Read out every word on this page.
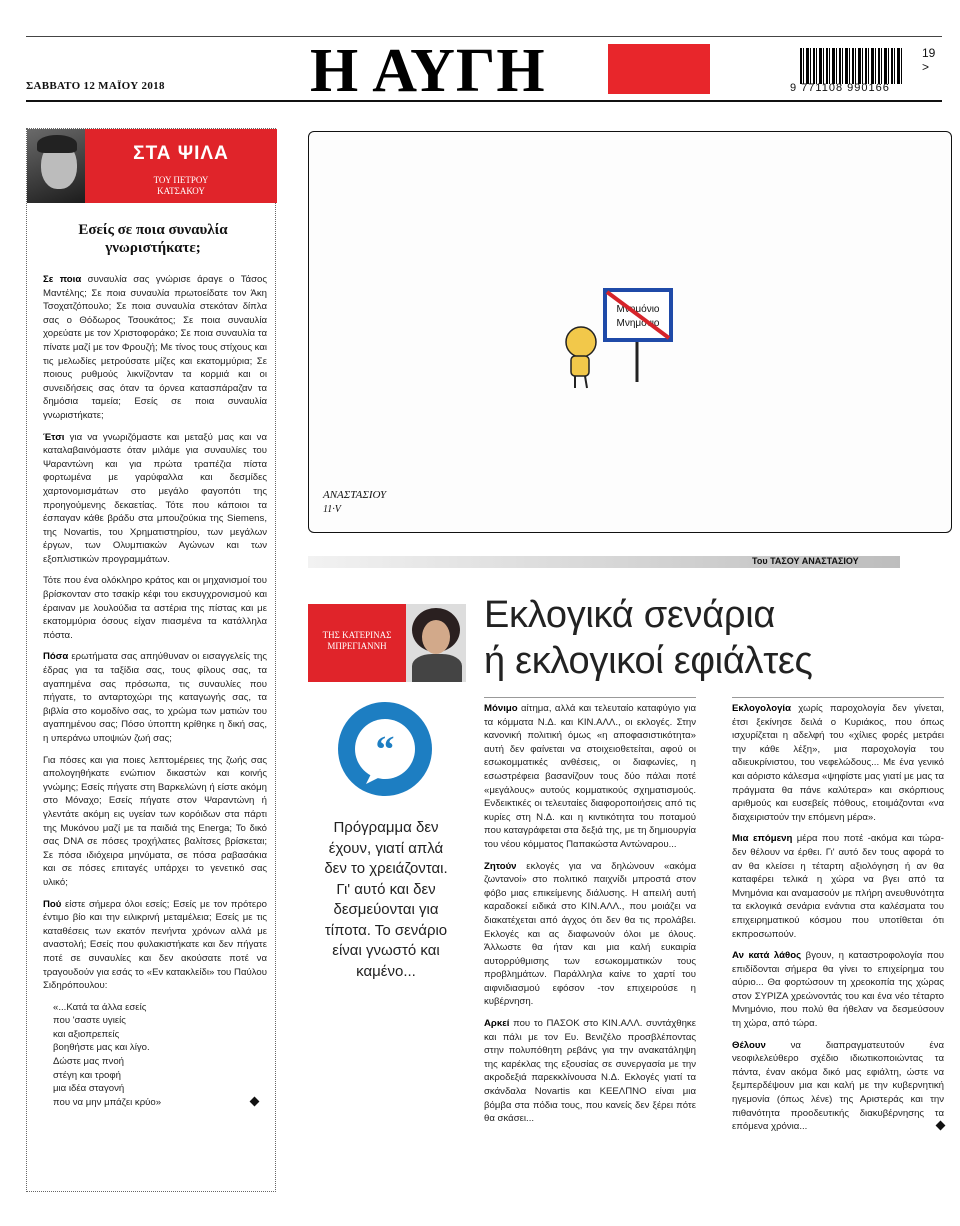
Η ΑΥΓΗ
ΣΑΒΒΑΤΟ 12 ΜΑΪΟΥ 2018	9 771108 990166
19 >
ΣΤΑ ΨΙΛΑ
ΤΟΥ ΠΕΤΡΟΥ
ΚΑΤΣΑΚΟΥ
Εσείς σε ποια συναυλία γνωριστήκατε;

Σε ποια συναυλία σας γνώρισε άραγε ο Τάσος Μαντέλης; Σε ποια συναυλία πρωτοείδατε τον Άκη Τσοχατζόπουλο; Σε ποια συναυλία στεκόταν δίπλα σας ο Θόδωρος Τσουκάτος; Σε ποια συναυλία χορεύατε με τον Χριστοφοράκο; Σε ποια συναυλία τα πίνατε μαζί με τον Φρουζή; Με τίνος τους στίχους και τις μελωδίες μετρούσατε μίζες και εκατομμύρια; Σε ποιους ρυθμούς λικνίζονταν τα κορμιά και οι συνειδήσεις σας όταν τα όρνεα κατασπάραζαν τα δημόσια ταμεία; Εσείς σε ποια συναυλία γνωριστήκατε;

Έτσι για να γνωριζόμαστε και μεταξύ μας και να καταλαβαινόμαστε όταν μιλάμε για συναυλίες του Ψαραντώνη και για πρώτα τραπέζια πίστα φορτωμένα με γαρύφαλλα και δεσμίδες χαρτονομισμάτων στο μεγάλο φαγοπότι της προηγούμενης δεκαετίας. Τότε που κάποιοι τα έσπαγαν κάθε βράδυ στα μπουζούκια της Siemens, της Novartis, του Χρηματιστηρίου, των μεγάλων έργων, των Ολυμπιακών Αγώνων και των εξοπλιστικών προγραμμάτων.

Τότε που ένα ολόκληρο κράτος και οι μηχανισμοί του βρίσκονταν στο τσακίρ κέφι του εκσυγχρονισμού και έραιναν με λουλούδια τα αστέρια της πίστας και με εκατομμύρια όσους είχαν πιασμένα τα κατάλληλα πόστα.

Πόσα ερωτήματα σας απηύθυναν οι εισαγγελείς της έδρας για τα ταξίδια σας, τους φίλους σας, τα αγαπημένα σας πρόσωπα, τις συναυλίες που πήγατε, το ανταρτοχώρι της καταγωγής σας, τα βιβλία στο κομοδίνο σας, το χρώμα των ματιών του αγαπημένου σας; Πόσο ύποπτη κρίθηκε η δική σας, η υπεράνω υποψιών ζωή σας;

Για πόσες και για ποιες λεπτομέρειες της ζωής σας απολογηθήκατε ενώπιον δικαστών και κοινής γνώμης; Εσείς πήγατε στη Βαρκελώνη ή είστε ακόμη στο Μόναχο; Εσείς πήγατε στον Ψαραντώνη ή γλεντάτε ακόμη εις υγείαν των κορόιδων στα πάρτι της Μυκόνου μαζί με τα παιδιά της Energa; Το δικό σας DNA σε πόσες τροχήλατες βαλίτσες βρίσκεται; Σε πόσα ιδιόχειρα μηνύματα, σε πόσα ραβασάκια και σε πόσες επιταγές υπάρχει το γενετικό σας υλικό;

Πού είστε σήμερα όλοι εσείς; Εσείς με τον πρότερο έντιμο βίο και την ειλικρινή μεταμέλεια; Εσείς με τις καταθέσεις των εκατόν πενήντα χρόνων αλλά με αναστολή; Εσείς που φυλακιστήκατε και δεν πήγατε ποτέ σε συναυλίες και δεν ακούσατε ποτέ να τραγουδούν για εσάς το «Εν κατακλείδι» του Παύλου Σιδηρόπουλου:

«...Κατά τα άλλα εσείς
που 'σαστε υγιείς
και αξιοπρεπείς
βοηθήστε μας και λίγο.
Δώστε μας πνοή
στέγη και τροφή
μια ιδέα σταγονή
που να μην μπάζει κρύο»
Μνημόνιο
Μνημόνιο
ΑΝΑΣΤΑΣΙΟΥ
11·V
Του ΤΑΣΟΥ ΑΝΑΣΤΑΣΙΟΥ
ΤΗΣ ΚΑΤΕΡΙΝΑΣ
ΜΠΡΕΓΙΑΝΝΗ
Εκλογικά σενάρια
ή εκλογικοί εφιάλτες
“
Πρόγραμμα δεν έχουν, γιατί απλά δεν το χρειάζονται. Γι' αυτό και δεν δεσμεύονται για τίποτα. Το σενάριο είναι γνωστό και καμένο...

Μόνιμο αίτημα, αλλά και τελευταίο καταφύγιο για τα κόμματα Ν.Δ. και ΚΙΝ.ΑΛΛ., οι εκλογές. Στην κανονική πολιτική όμως «η αποφασιστικότητα» αυτή δεν φαίνεται να στοιχειοθετείται, αφού οι εσωκομματικές ανθέσεις, οι διαφωνίες, η εσωστρέφεια βασανίζουν τους δύο πάλαι ποτέ «μεγάλους» αυτούς κομματικούς σχηματισμούς. Ενδεικτικές οι τελευταίες διαφοροποιήσεις από τις κυρίες στη Ν.Δ. και η κιντικότητα του ποταμού που καταγράφεται στα δεξιά της, με τη δημιουργία του νέου κόμματος Παπακώστα Αντώναρου...

Ζητούν εκλογές για να δηλώνουν «ακόμα ζωντανοί» στο πολιτικό παιχνίδι μπροστά στον φόβο μιας επικείμενης διάλυσης. Η απειλή αυτή καραδοκεί ειδικά στο ΚΙΝ.ΑΛΛ., που μοιάζει να διακατέχεται από άγχος ότι δεν θα τις προλάβει. Εκλογές και ας διαφωνούν όλοι με όλους. Άλλωστε θα ήταν και μια καλή ευκαιρία αυτορρύθμισης των εσωκομματικών τους προβλημάτων. Παράλληλα καίνε το χαρτί του αιφνιδιασμού εφόσον -τον επιχειρούσε η κυβέρνηση.

Αρκεί που το ΠΑΣΟΚ στο ΚΙΝ.ΑΛΛ. συντάχθηκε και πάλι με τον Ευ. Βενιζέλο προσβλέποντας στην πολυπόθητη ρεβάνς για την ανακατάληψη της καρέκλας της εξουσίας σε συνεργασία με την ακροδεξιά παρεκκλίνουσα Ν.Δ. Εκλογές γιατί τα σκάνδαλα Novartis και ΚΕΕΛΠΝΟ είναι μια βόμβα στα πόδια τους, που κανείς δεν ξέρει πότε θα σκάσει...

Εκλογολογία χωρίς παροχολογία δεν γίνεται, έτσι ξεκίνησε δειλά ο Κυριάκος, που όπως ισχυρίζεται η αδελφή του «χίλιες φορές μετράει την κάθε λέξη», μια παροχολογία του αδιευκρίνιστου, του νεφελώδους... Με ένα γενικό και αόριστο κάλεσμα «ψηφίστε μας γιατί με μας τα πράγματα θα πάνε καλύτερα» και σκόρπιους αριθμούς και ευσεβείς πόθους, ετοιμάζονται «να διαχειριστούν την επόμενη μέρα».

Μια επόμενη μέρα που ποτέ -ακόμα και τώρα- δεν θέλουν να έρθει. Γι' αυτό δεν τους αφορά το αν θα κλείσει η τέταρτη αξιολόγηση ή αν θα καταφέρει τελικά η χώρα να βγει από τα Μνημόνια και αναμασούν με πλήρη ανευθυνότητα τα εκλογικά σενάρια ενάντια στα καλέσματα του επιχειρηματικού κόσμου που υποτίθεται ότι εκπροσωπούν.

Αν κατά λάθος βγουν, η καταστροφολογία που επιδίδονται σήμερα θα γίνει το επιχείρημα του αύριο... Θα φορτώσουν τη χρεοκοπία της χώρας στον ΣΥΡΙΖΑ χρεώνοντάς του και ένα νέο τέταρτο Μνημόνιο, που πολύ θα ήθελαν να δεσμεύσουν τη χώρα, από τώρα.

Θέλουν να διαπραγματευτούν ένα νεοφιλελεύθερο σχέδιο ιδιωτικοποιώντας τα πάντα, έναν ακόμα δικό μας εφιάλτη, ώστε να ξεμπερδέψουν μια και καλή με την κυβερνητική ηγεμονία (όπως λένε) της Αριστεράς και την πιθανότητα προοδευτικής διακυβέρνησης τα επόμενα χρόνια...
